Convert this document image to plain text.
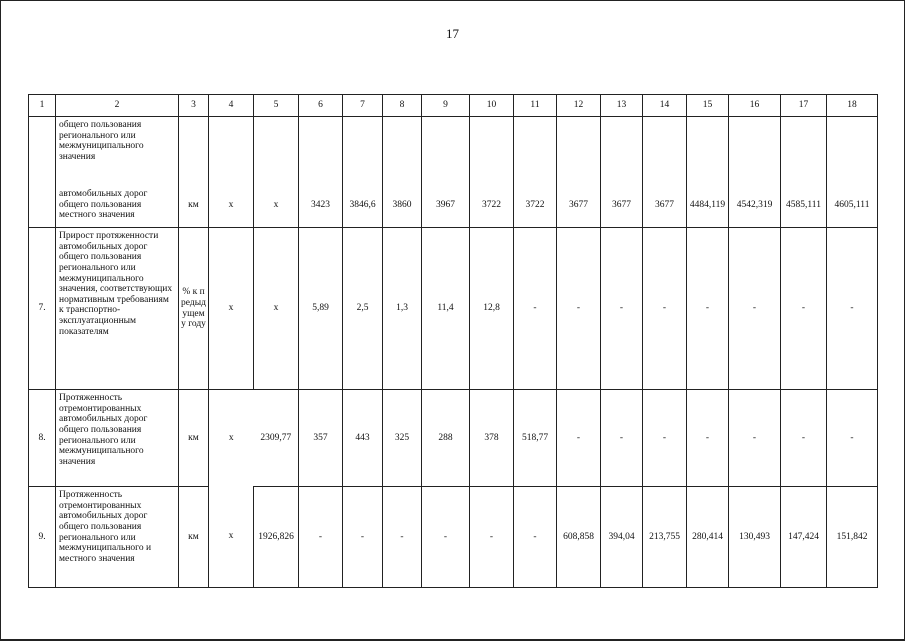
17
1	2	3	4	5	6	7	8	9	10	11	12	13	14	15	16	17	18
	общего пользования регионального или межмуниципального значения																
	автомобильных дорог общего пользования местного значения	км	х	х	3423	3846,6	3860	3967	3722	3722	3677	3677	3677	4484,119	4542,319	4585,111	4605,111
7.	Прирост протяженности автомобильных дорог общего пользования регионального или межмуниципального значения, соответствующих нормативным требованиям к транспортно-эксплуатационным показателям	% к предыдущему году	х	х	5,89	2,5	1,3	11,4	12,8	-	-	-	-	-	-	-	-
8.	Протяженность отремонтированных автомобильных дорог общего пользования регионального или межмуниципального значения	км	х	2309,77	357	443	325	288	378	518,77	-	-	-	-	-	-	-
9.	Протяженность отремонтированных автомобильных дорог общего пользования регионального или межмуниципального и местного значения	км	х	1926,826	-	-	-	-	-	-	608,858	394,04	213,755	280,414	130,493	147,424	151,842
